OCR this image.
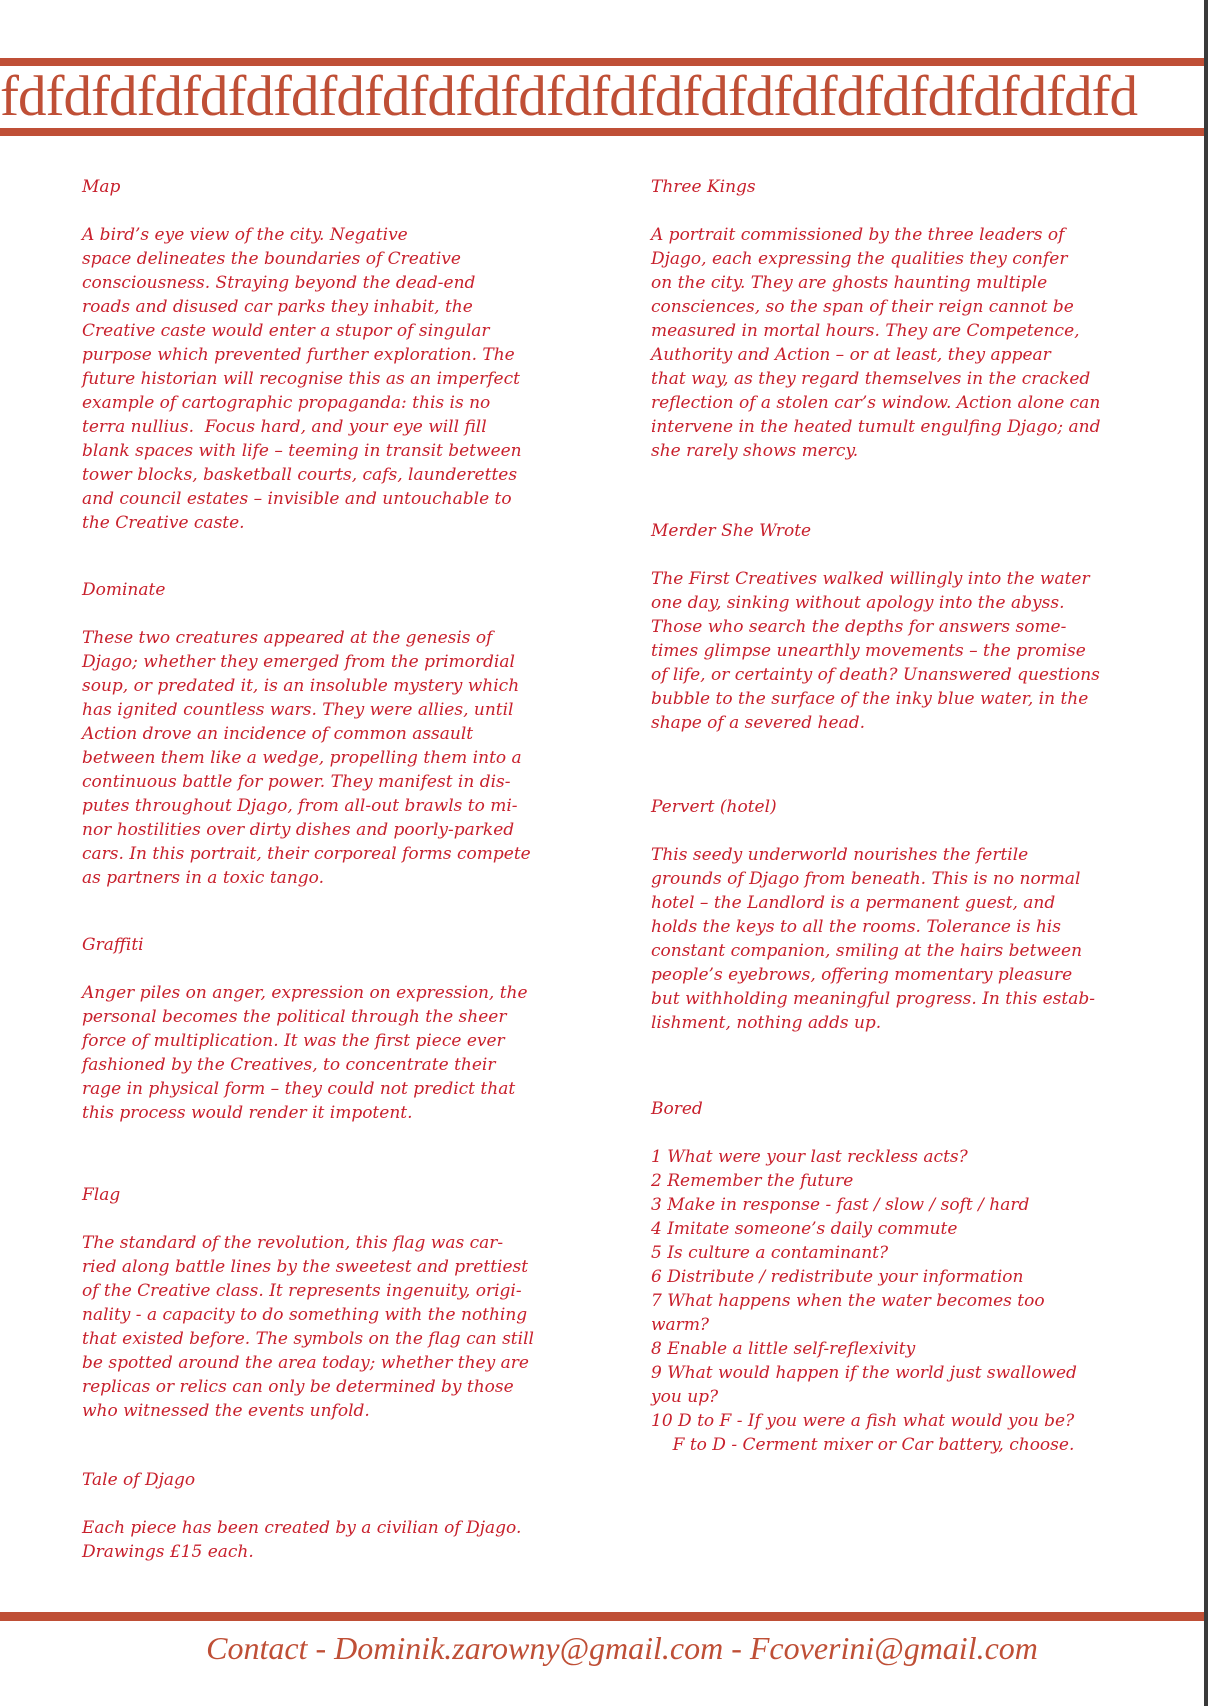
fdfdfdfdfdfdfdfdfdfdfdfdfdfdfdfdfdfdfdfdfdfdfdfdfd
Map
A bird’s eye view of the city. Negative
space delineates the boundaries of Creative
consciousness. Straying beyond the dead-end
roads and disused car parks they inhabit, the
Creative caste would enter a stupor of singular
purpose which prevented further exploration. The
future historian will recognise this as an imperfect
example of cartographic propaganda: this is no
terra nullius.  Focus hard, and your eye will fill
blank spaces with life – teeming in transit between
tower blocks, basketball courts, cafs, launderettes
and council estates – invisible and untouchable to
the Creative caste.
Dominate
These two creatures appeared at the genesis of
Djago; whether they emerged from the primordial
soup, or predated it, is an insoluble mystery which
has ignited countless wars. They were allies, until
Action drove an incidence of common assault
between them like a wedge, propelling them into a
continuous battle for power. They manifest in dis-
putes throughout Djago, from all-out brawls to mi-
nor hostilities over dirty dishes and poorly-parked
cars. In this portrait, their corporeal forms compete
as partners in a toxic tango.
Graffiti
Anger piles on anger, expression on expression, the
personal becomes the political through the sheer
force of multiplication. It was the first piece ever
fashioned by the Creatives, to concentrate their
rage in physical form – they could not predict that
this process would render it impotent.
Flag
The standard of the revolution, this flag was car-
ried along battle lines by the sweetest and prettiest
of the Creative class. It represents ingenuity, origi-
nality - a capacity to do something with the nothing
that existed before. The symbols on the flag can still
be spotted around the area today; whether they are
replicas or relics can only be determined by those
who witnessed the events unfold.
Tale of Djago
Each piece has been created by a civilian of Djago.
Drawings £15 each.
Three Kings
A portrait commissioned by the three leaders of
Djago, each expressing the qualities they confer
on the city. They are ghosts haunting multiple
consciences, so the span of their reign cannot be
measured in mortal hours. They are Competence,
Authority and Action – or at least, they appear
that way, as they regard themselves in the cracked
reflection of a stolen car’s window. Action alone can
intervene in the heated tumult engulfing Djago; and
she rarely shows mercy.
Merder She Wrote
The First Creatives walked willingly into the water
one day, sinking without apology into the abyss.
Those who search the depths for answers some-
times glimpse unearthly movements – the promise
of life, or certainty of death? Unanswered questions
bubble to the surface of the inky blue water, in the
shape of a severed head.
Pervert (hotel)
This seedy underworld nourishes the fertile
grounds of Djago from beneath. This is no normal
hotel – the Landlord is a permanent guest, and
holds the keys to all the rooms. Tolerance is his
constant companion, smiling at the hairs between
people’s eyebrows, offering momentary pleasure
but withholding meaningful progress. In this estab-
lishment, nothing adds up.
Bored
1 What were your last reckless acts?
2 Remember the future
3 Make in response - fast / slow / soft / hard
4 Imitate someone’s daily commute
5 Is culture a contaminant?
6 Distribute / redistribute your information
7 What happens when the water becomes too
warm?
8 Enable a little self-reflexivity
9 What would happen if the world just swallowed
you up?
10 D to F - If you were a fish what would you be?
F to D - Cerment mixer or Car battery, choose.
Contact - Dominik.zarowny@gmail.com - Fcoverini@gmail.com
